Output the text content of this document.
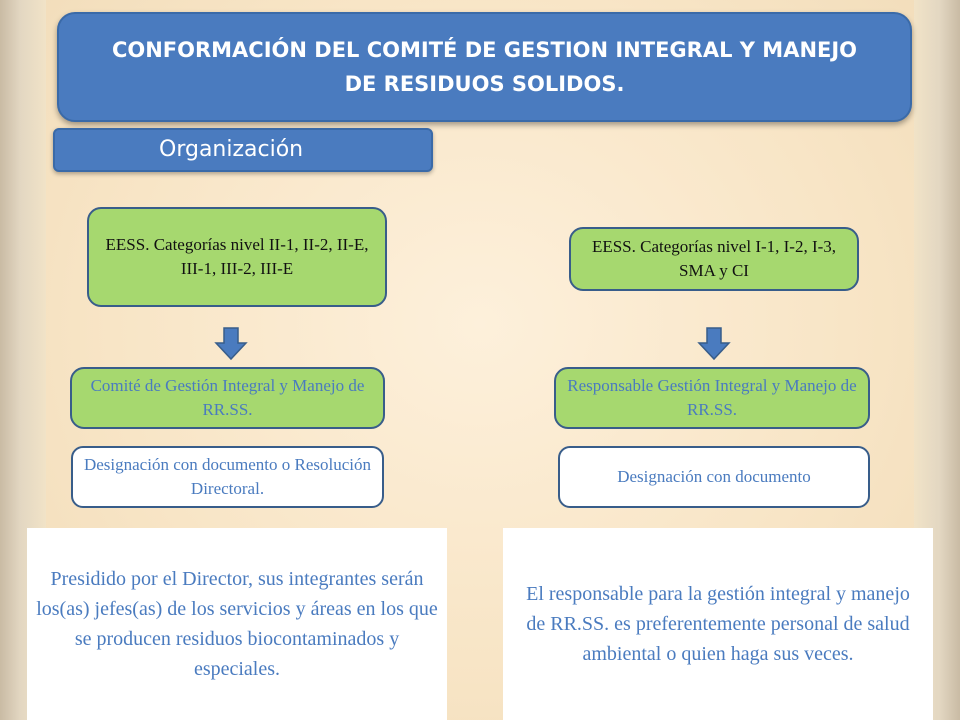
CONFORMACIÓN DEL COMITÉ DE GESTION INTEGRAL Y MANEJO DE RESIDUOS SOLIDOS.
Organización
EESS. Categorías nivel II-1, II-2, II-E, III-1, III-2, III-E
Comité de Gestión Integral y Manejo de RR.SS.
Designación con documento o Resolución Directoral.
EESS. Categorías nivel I-1, I-2, I-3, SMA y CI
Responsable Gestión Integral y Manejo de RR.SS.
Designación con documento
Presidido por el Director, sus integrantes serán los(as) jefes(as) de los servicios y áreas en los que se producen residuos biocontaminados y especiales.
El responsable para la gestión integral y manejo de RR.SS. es preferentemente personal de salud ambiental o quien haga sus veces.
